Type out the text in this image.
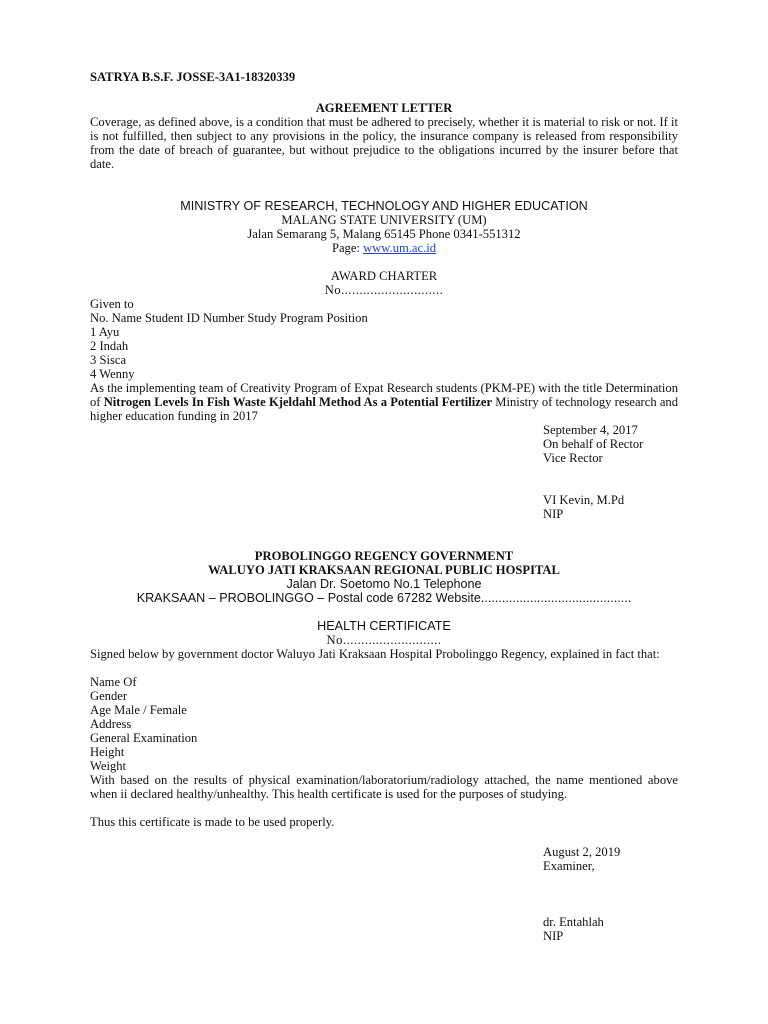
SATRYA B.S.F. JOSSE-3A1-18320339
AGREEMENT LETTER
Coverage, as defined above, is a condition that must be adhered to precisely, whether it is material to risk or not. If it is not fulfilled, then subject to any provisions in the policy, the insurance company is released from responsibility from the date of breach of guarantee, but without prejudice to the obligations incurred by the insurer before that date.
MINISTRY OF RESEARCH, TECHNOLOGY AND HIGHER EDUCATION
MALANG STATE UNIVERSITY (UM)
Jalan Semarang 5, Malang 65145 Phone 0341-551312
Page: www.um.ac.id
AWARD CHARTER
No............................
Given to
No. Name Student ID Number Study Program Position
1 Ayu
2 Indah
3 Sisca
4 Wenny
As the implementing team of Creativity Program of Expat Research students (PKM-PE) with the title Determination of Nitrogen Levels In Fish Waste Kjeldahl Method As a Potential Fertilizer Ministry of technology research and higher education funding in 2017
September 4, 2017
On behalf of Rector
Vice Rector
VI Kevin, M.Pd
NIP
PROBOLINGGO REGENCY GOVERNMENT
WALUYO JATI KRAKSAAN REGIONAL PUBLIC HOSPITAL
Jalan Dr. Soetomo No.1 Telephone
KRAKSAAN – PROBOLINGGO – Postal code 67282 Website...........................................
HEALTH CERTIFICATE
No...........................
Signed below by government doctor Waluyo Jati Kraksaan Hospital Probolinggo Regency, explained in fact that:
Name Of
Gender
Age Male / Female
Address
General Examination
Height
Weight
With based on the results of physical examination/laboratorium/radiology attached, the name mentioned above when ii declared healthy/unhealthy. This health certificate is used for the purposes of studying.
Thus this certificate is made to be used properly.
August 2, 2019
Examiner,
dr. Entahlah
NIP
